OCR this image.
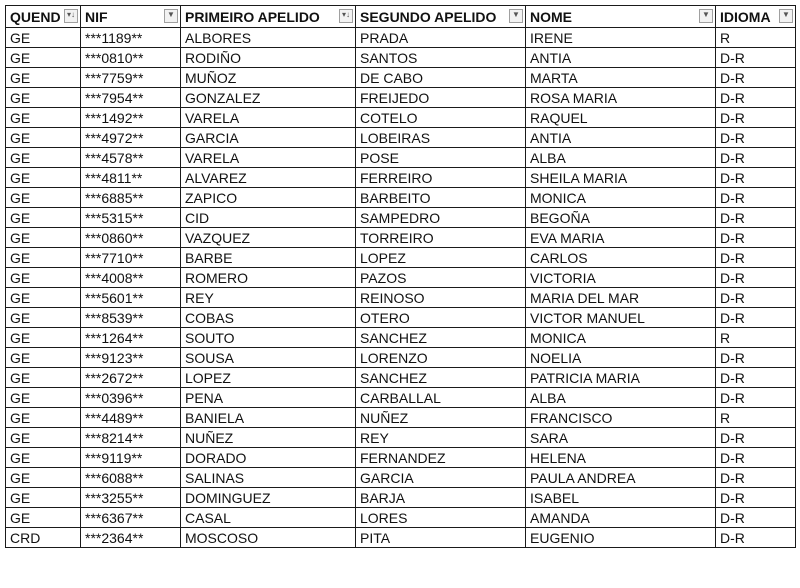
QUEND ▾↓	NIF ▼	PRIMEIRO APELIDO ▾↓	SEGUNDO APELIDO ▼	NOME ▼	IDIOMA ▼

GE	***1189**	ALBORES	PRADA	IRENE	R
GE	***0810**	RODIÑO	SANTOS	ANTIA	D-R
GE	***7759**	MUÑOZ	DE CABO	MARTA	D-R
GE	***7954**	GONZALEZ	FREIJEDO	ROSA MARIA	D-R
GE	***1492**	VARELA	COTELO	RAQUEL	D-R
GE	***4972**	GARCIA	LOBEIRAS	ANTIA	D-R
GE	***4578**	VARELA	POSE	ALBA	D-R
GE	***4811**	ALVAREZ	FERREIRO	SHEILA MARIA	D-R
GE	***6885**	ZAPICO	BARBEITO	MONICA	D-R
GE	***5315**	CID	SAMPEDRO	BEGOÑA	D-R
GE	***0860**	VAZQUEZ	TORREIRO	EVA MARIA	D-R
GE	***7710**	BARBE	LOPEZ	CARLOS	D-R
GE	***4008**	ROMERO	PAZOS	VICTORIA	D-R
GE	***5601**	REY	REINOSO	MARIA DEL MAR	D-R
GE	***8539**	COBAS	OTERO	VICTOR MANUEL	D-R
GE	***1264**	SOUTO	SANCHEZ	MONICA	R
GE	***9123**	SOUSA	LORENZO	NOELIA	D-R
GE	***2672**	LOPEZ	SANCHEZ	PATRICIA MARIA	D-R
GE	***0396**	PENA	CARBALLAL	ALBA	D-R
GE	***4489**	BANIELA	NUÑEZ	FRANCISCO	R
GE	***8214**	NUÑEZ	REY	SARA	D-R
GE	***9119**	DORADO	FERNANDEZ	HELENA	D-R
GE	***6088**	SALINAS	GARCIA	PAULA ANDREA	D-R
GE	***3255**	DOMINGUEZ	BARJA	ISABEL	D-R
GE	***6367**	CASAL	LORES	AMANDA	D-R
CRD	***2364**	MOSCOSO	PITA	EUGENIO	D-R
